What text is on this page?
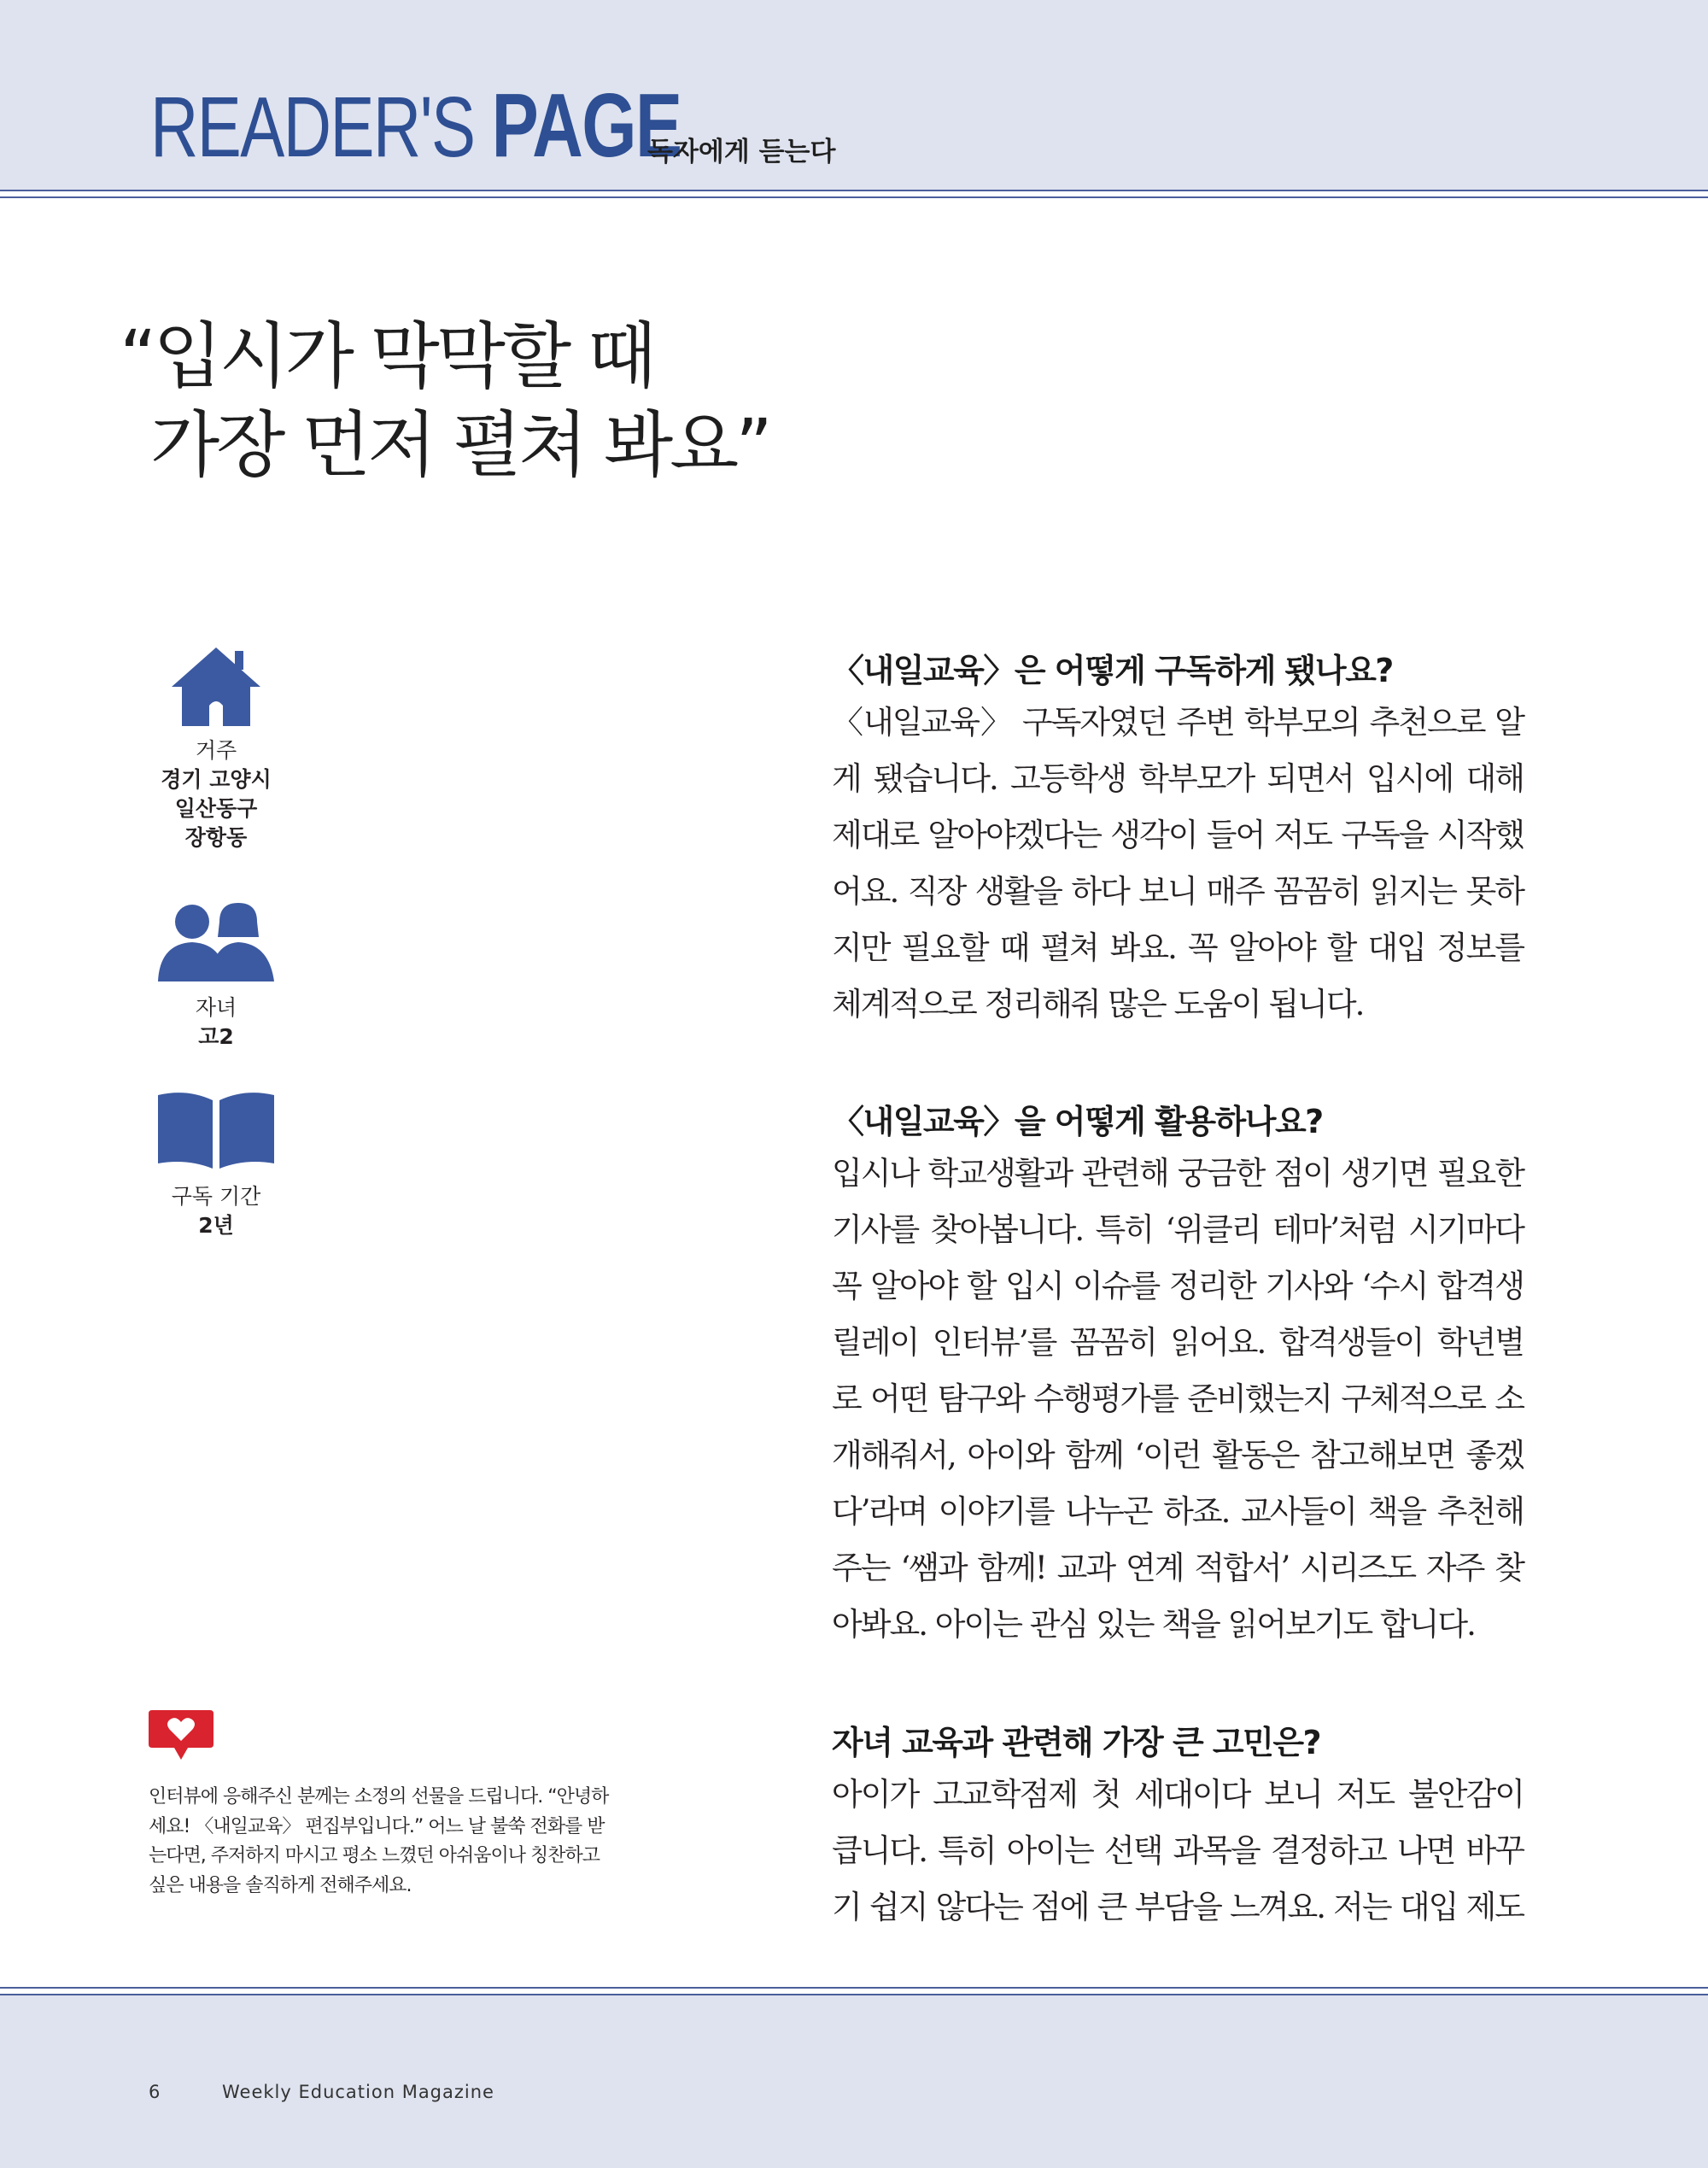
READER'S PAGE
독자에게 듣는다
“입시가 막막할 때
가장 먼저 펼쳐 봐요”
거주
경기 고양시
일산동구
장항동
자녀
고2
구독 기간
2년
〈내일교육〉은 어떻게 구독하게 됐나요?
〈내일교육〉 구독자였던 주변 학부모의 추천으로 알게 됐습니다. 고등학생 학부모가 되면서 입시에 대해 제대로 알아야겠다는 생각이 들어 저도 구독을 시작했어요. 직장 생활을 하다 보니 매주 꼼꼼히 읽지는 못하지만 필요할 때 펼쳐 봐요. 꼭 알아야 할 대입 정보를 체계적으로 정리해줘 많은 도움이 됩니다.
〈내일교육〉을 어떻게 활용하나요?
입시나 학교생활과 관련해 궁금한 점이 생기면 필요한 기사를 찾아봅니다. 특히 ‘위클리 테마’처럼 시기마다 꼭 알아야 할 입시 이슈를 정리한 기사와 ‘수시 합격생 릴레이 인터뷰’를 꼼꼼히 읽어요. 합격생들이 학년별로 어떤 탐구와 수행평가를 준비했는지 구체적으로 소개해줘서, 아이와 함께 ‘이런 활동은 참고해보면 좋겠다’라며 이야기를 나누곤 하죠. 교사들이 책을 추천해주는 ‘쌤과 함께! 교과 연계 적합서’ 시리즈도 자주 찾아봐요. 아이는 관심 있는 책을 읽어보기도 합니다.
자녀 교육과 관련해 가장 큰 고민은?
아이가 고교학점제 첫 세대이다 보니 저도 불안감이 큽니다. 특히 아이는 선택 과목을 결정하고 나면 바꾸기 쉽지 않다는 점에 큰 부담을 느껴요. 저는 대입 제도
인터뷰에 응해주신 분께는 소정의 선물을 드립니다. “안녕하세요! 〈내일교육〉 편집부입니다.” 어느 날 불쑥 전화를 받는다면, 주저하지 마시고 평소 느꼈던 아쉬움이나 칭찬하고 싶은 내용을 솔직하게 전해주세요.
6	Weekly Education Magazine
